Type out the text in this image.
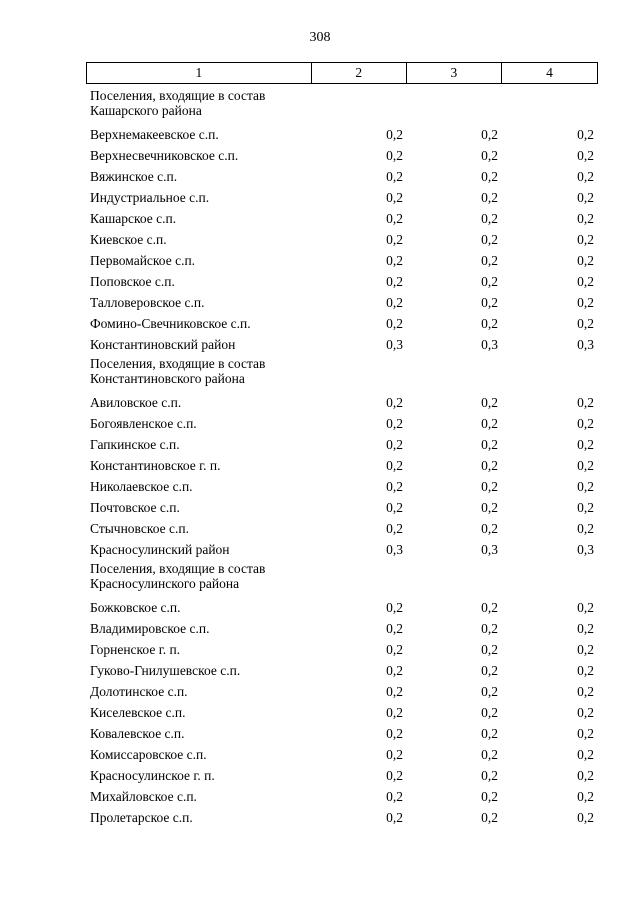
308
1	2	3	4
Поселения, входящие в состав Кашарского района
Верхнемакеевское с.п.	0,2	0,2	0,2
Верхнесвечниковское с.п.	0,2	0,2	0,2
Вяжинское с.п.	0,2	0,2	0,2
Индустриальное с.п.	0,2	0,2	0,2
Кашарское с.п.	0,2	0,2	0,2
Киевское с.п.	0,2	0,2	0,2
Первомайское с.п.	0,2	0,2	0,2
Поповское с.п.	0,2	0,2	0,2
Талловеровское с.п.	0,2	0,2	0,2
Фомино-Свечниковское с.п.	0,2	0,2	0,2
Константиновский район	0,3	0,3	0,3
Поселения, входящие в состав Константиновского района
Авиловское с.п.	0,2	0,2	0,2
Богоявленское с.п.	0,2	0,2	0,2
Гапкинское с.п.	0,2	0,2	0,2
Константиновское г. п.	0,2	0,2	0,2
Николаевское с.п.	0,2	0,2	0,2
Почтовское с.п.	0,2	0,2	0,2
Стычновское с.п.	0,2	0,2	0,2
Красносулинский район	0,3	0,3	0,3
Поселения, входящие в состав Красносулинского района
Божковское с.п.	0,2	0,2	0,2
Владимировское с.п.	0,2	0,2	0,2
Горненское г. п.	0,2	0,2	0,2
Гуково-Гнилушевское с.п.	0,2	0,2	0,2
Долотинское с.п.	0,2	0,2	0,2
Киселевское с.п.	0,2	0,2	0,2
Ковалевское с.п.	0,2	0,2	0,2
Комиссаровское с.п.	0,2	0,2	0,2
Красносулинское г. п.	0,2	0,2	0,2
Михайловское с.п.	0,2	0,2	0,2
Пролетарское с.п.	0,2	0,2	0,2
